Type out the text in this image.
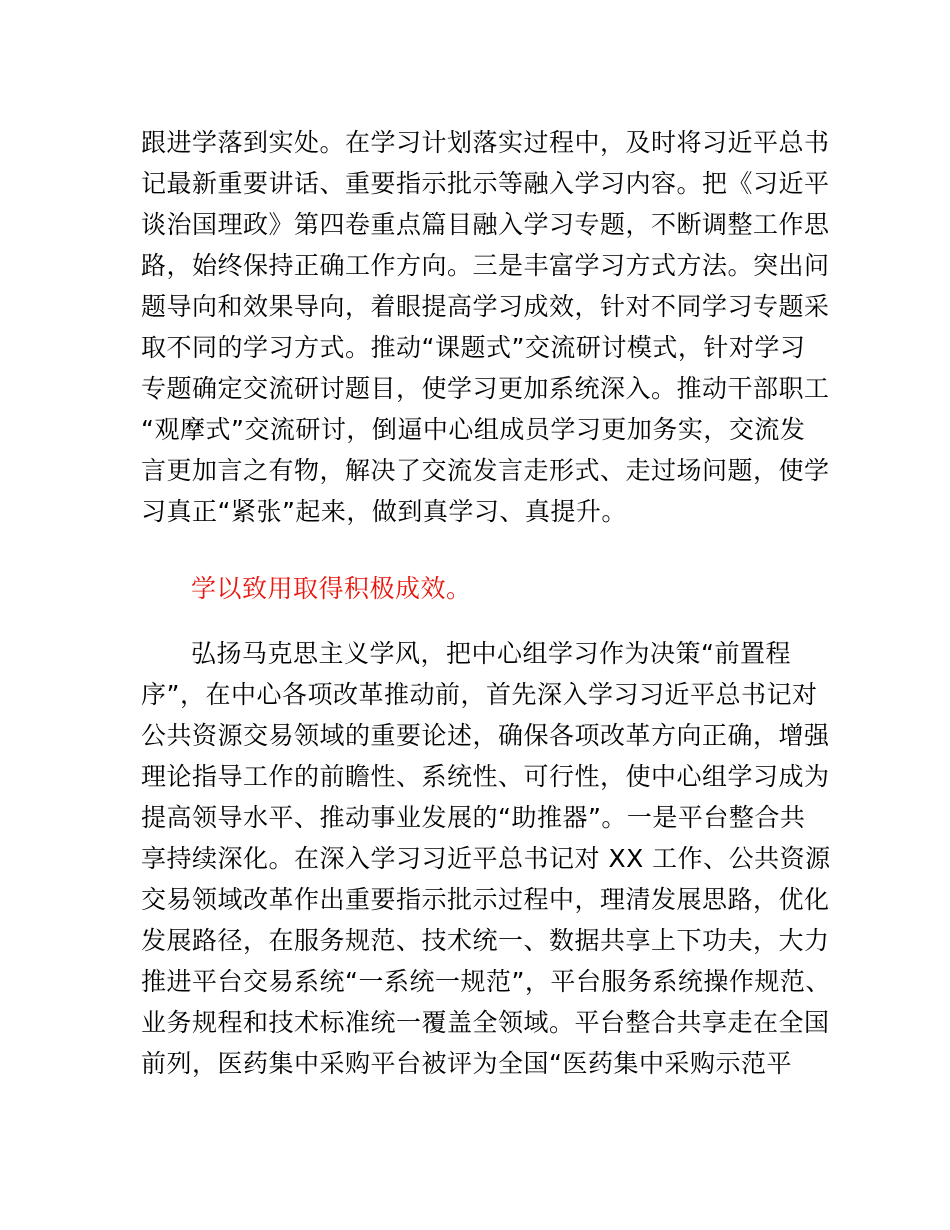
跟进学落到实处。在学习计划落实过程中，及时将习近平总书
记最新重要讲话、重要指示批示等融入学习内容。把《习近平
谈治国理政》第四卷重点篇目融入学习专题，不断调整工作思
路，始终保持正确工作方向。三是丰富学习方式方法。突出问
题导向和效果导向，着眼提高学习成效，针对不同学习专题采
取不同的学习方式。推动“课题式”交流研讨模式，针对学习
专题确定交流研讨题目，使学习更加系统深入。推动干部职工
“观摩式”交流研讨，倒逼中心组成员学习更加务实，交流发
言更加言之有物，解决了交流发言走形式、走过场问题，使学
习真正“紧张”起来，做到真学习、真提升。
学以致用取得积极成效。
弘扬马克思主义学风，把中心组学习作为决策“前置程
序”，在中心各项改革推动前，首先深入学习习近平总书记对
公共资源交易领域的重要论述，确保各项改革方向正确，增强
理论指导工作的前瞻性、系统性、可行性，使中心组学习成为
提高领导水平、推动事业发展的“助推器”。一是平台整合共
享持续深化。在深入学习习近平总书记对 XX 工作、公共资源
交易领域改革作出重要指示批示过程中，理清发展思路，优化
发展路径，在服务规范、技术统一、数据共享上下功夫，大力
推进平台交易系统“一系统一规范”，平台服务系统操作规范、
业务规程和技术标准统一覆盖全领域。平台整合共享走在全国
前列，医药集中采购平台被评为全国“医药集中采购示范平
